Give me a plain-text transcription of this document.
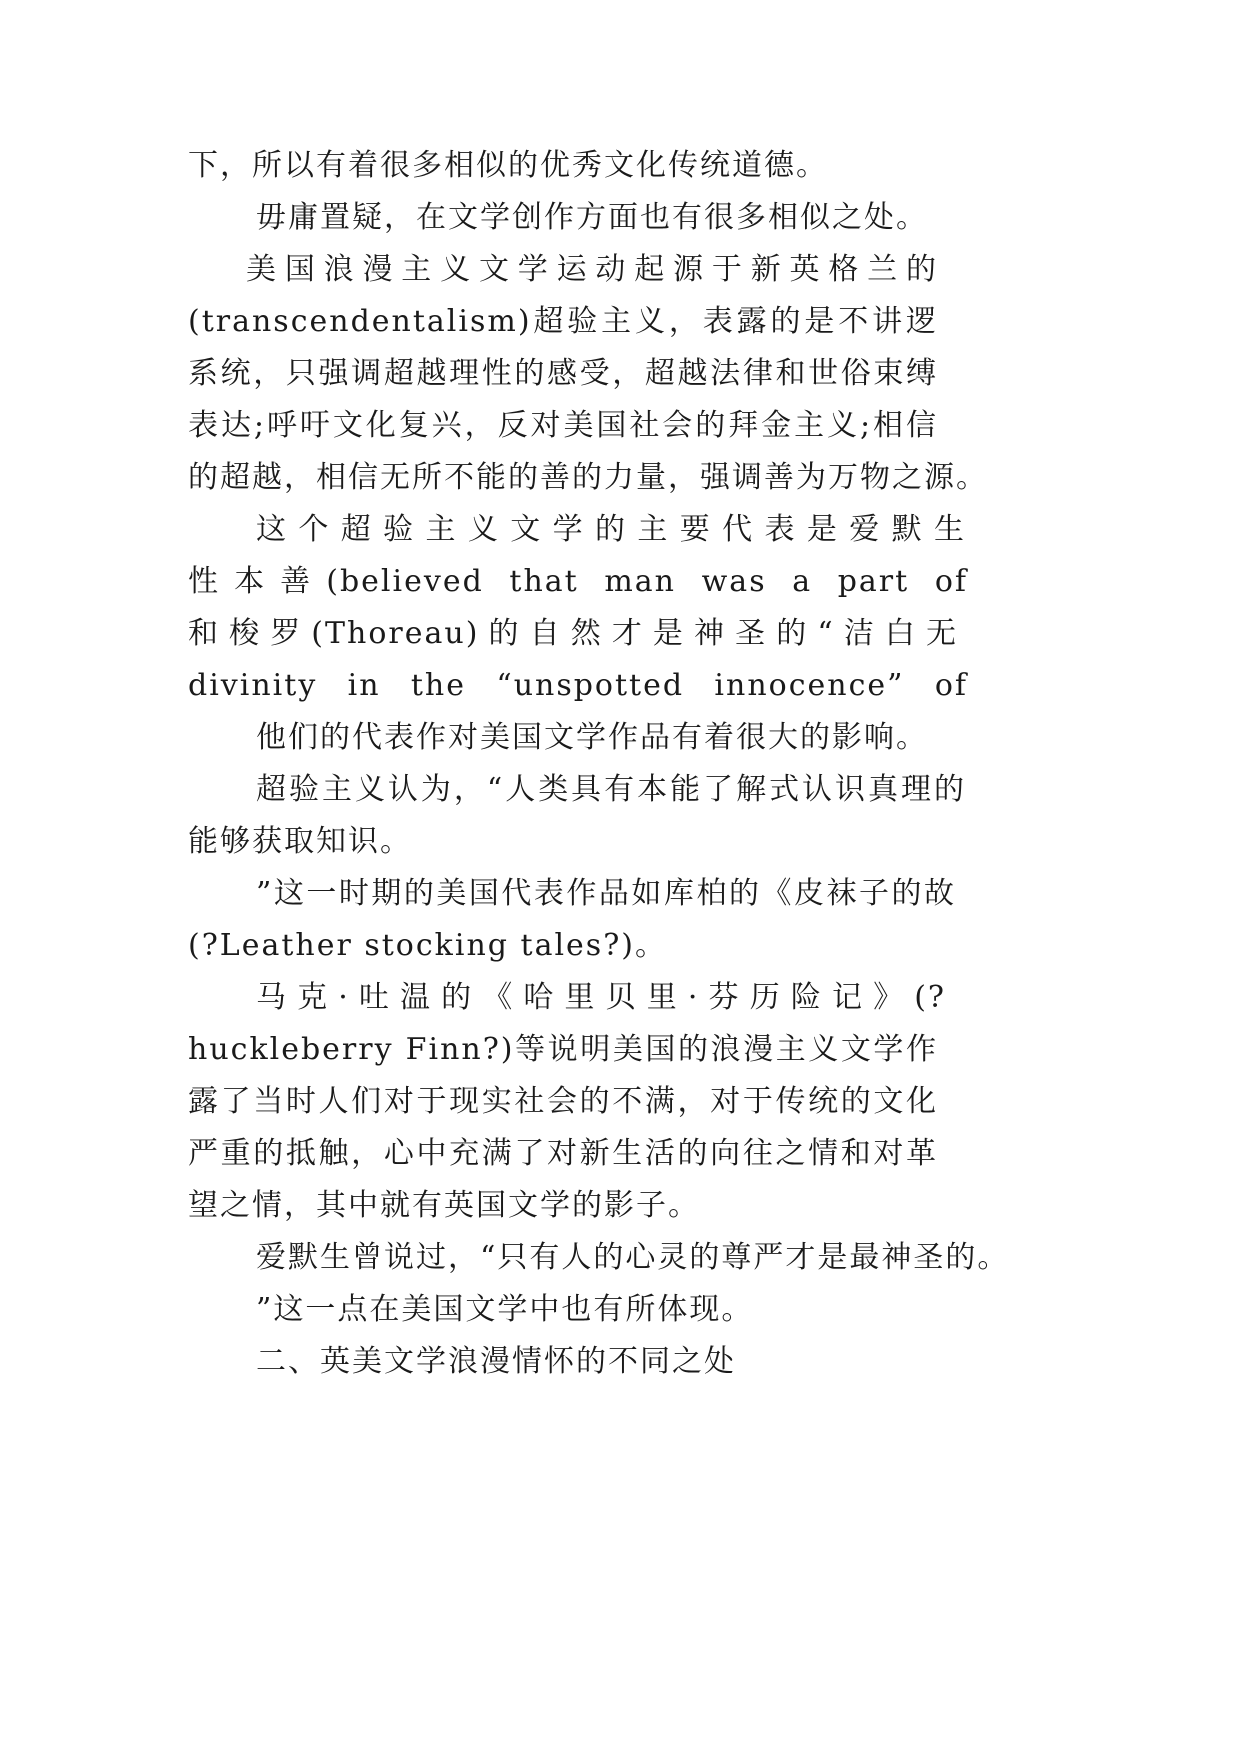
下，所以有着很多相似的优秀文化传统道德。
毋庸置疑，在文学创作方面也有很多相似之处。
美国浪漫主义文学运动起源于新英格兰的
(transcendentalism)超验主义，表露的是不讲逻
系统，只强调超越理性的感受，超越法律和世俗束缚
表达;呼吁文化复兴，反对美国社会的拜金主义;相信
的超越，相信无所不能的善的力量，强调善为万物之源。
这个超验主义文学的主要代表是爱默生
性本善(believed that man was a part of
和梭罗(Thoreau)的自然才是神圣的“洁白无
divinity in the “unspotted innocence” of
他们的代表作对美国文学作品有着很大的影响。
超验主义认为，“人类具有本能了解式认识真理的
能够获取知识。
”这一时期的美国代表作品如库柏的《皮袜子的故
(?Leather stocking tales?)。
马克·吐温的《哈里贝里·芬历险记》(?
huckleberry Finn?)等说明美国的浪漫主义文学作
露了当时人们对于现实社会的不满，对于传统的文化
严重的抵触，心中充满了对新生活的向往之情和对革
望之情，其中就有英国文学的影子。
爱默生曾说过，“只有人的心灵的尊严才是最神圣的。
”这一点在美国文学中也有所体现。
二、英美文学浪漫情怀的不同之处
